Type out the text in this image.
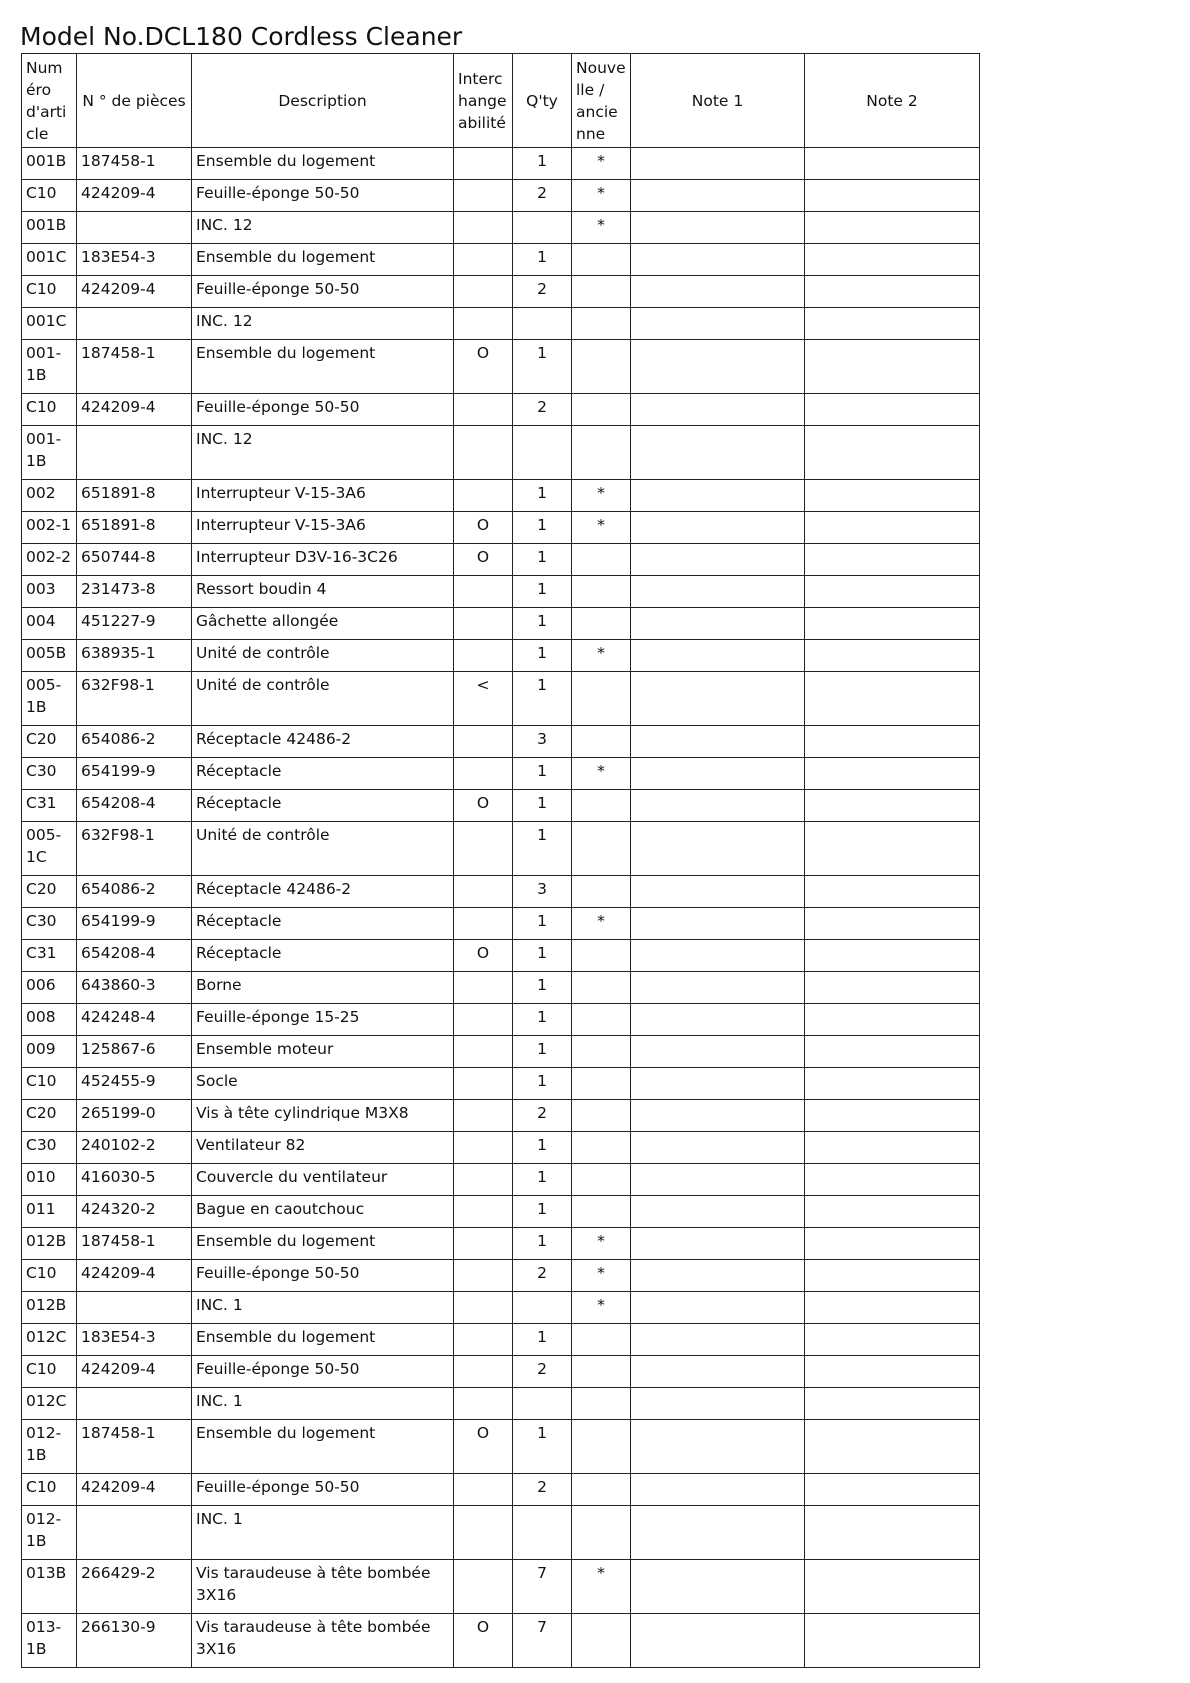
Model No.DCL180 Cordless Cleaner
Numéro d'article	N ° de pièces	Description	Interchangeabilité	Q'ty	Nouvelle / ancienne	Note 1	Note 2
001B	187458-1	Ensemble du logement		1	*		
C10	424209-4	Feuille-éponge 50-50		2	*		
001B		INC. 12			*		
001C	183E54-3	Ensemble du logement		1			
C10	424209-4	Feuille-éponge 50-50		2			
001C		INC. 12					
001-1B	187458-1	Ensemble du logement	O	1			
C10	424209-4	Feuille-éponge 50-50		2			
001-1B		INC. 12					
002	651891-8	Interrupteur V-15-3A6		1	*		
002-1	651891-8	Interrupteur V-15-3A6	O	1	*		
002-2	650744-8	Interrupteur D3V-16-3C26	O	1			
003	231473-8	Ressort boudin 4		1			
004	451227-9	Gâchette allongée		1			
005B	638935-1	Unité de contrôle		1	*		
005-1B	632F98-1	Unité de contrôle	<	1			
C20	654086-2	Réceptacle 42486-2		3			
C30	654199-9	Réceptacle		1	*		
C31	654208-4	Réceptacle	O	1			
005-1C	632F98-1	Unité de contrôle		1			
C20	654086-2	Réceptacle 42486-2		3			
C30	654199-9	Réceptacle		1	*		
C31	654208-4	Réceptacle	O	1			
006	643860-3	Borne		1			
008	424248-4	Feuille-éponge 15-25		1			
009	125867-6	Ensemble moteur		1			
C10	452455-9	Socle		1			
C20	265199-0	Vis à tête cylindrique M3X8		2			
C30	240102-2	Ventilateur 82		1			
010	416030-5	Couvercle du ventilateur		1			
011	424320-2	Bague en caoutchouc		1			
012B	187458-1	Ensemble du logement		1	*		
C10	424209-4	Feuille-éponge 50-50		2	*		
012B		INC. 1			*		
012C	183E54-3	Ensemble du logement		1			
C10	424209-4	Feuille-éponge 50-50		2			
012C		INC. 1					
012-1B	187458-1	Ensemble du logement	O	1			
C10	424209-4	Feuille-éponge 50-50		2			
012-1B		INC. 1					
013B	266429-2	Vis taraudeuse à tête bombée 3X16		7	*		
013-1B	266130-9	Vis taraudeuse à tête bombée 3X16	O	7			
